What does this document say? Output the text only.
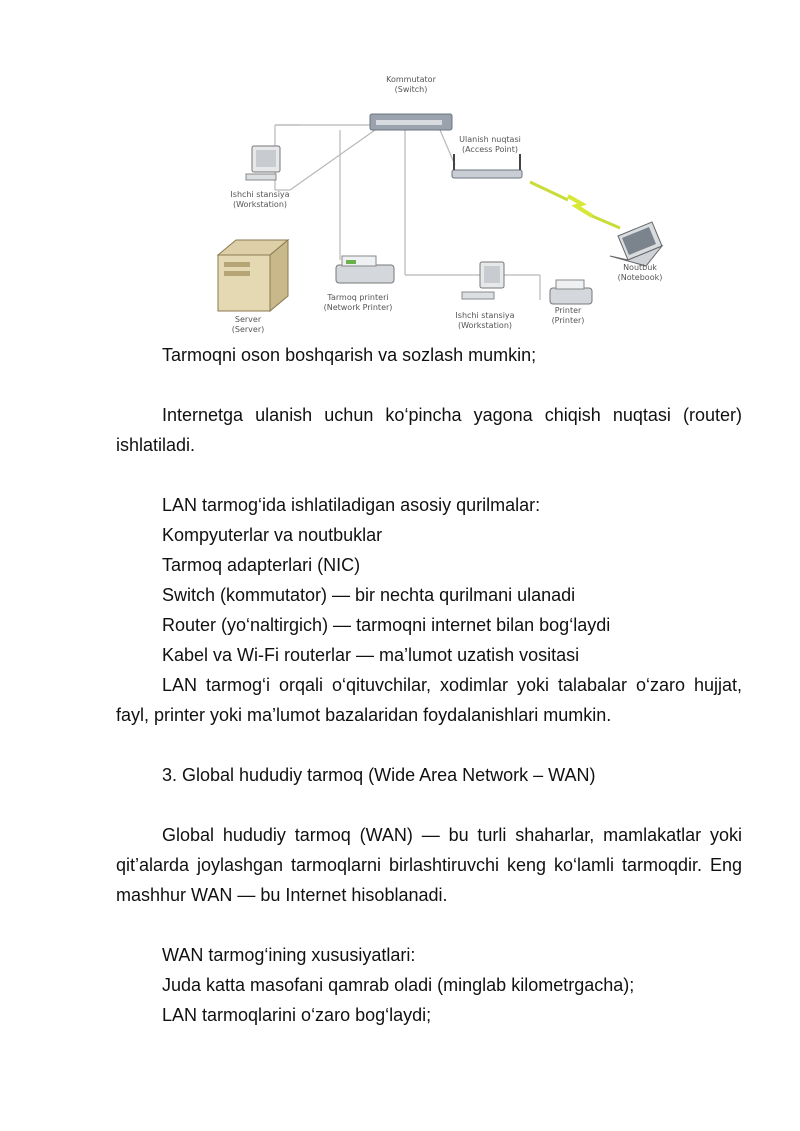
Kommutator
(Switch)
Ulanish nuqtasi
(Access Point)
Ishchi stansiya
(Workstation)
Noutbuk
(Notebook)
Server
(Server)
Tarmoq printeri
(Network Printer)
Ishchi stansiya
(Workstation)
Printer
(Printer)

Tarmoqni oson boshqarish va sozlash mumkin;

Internetga ulanish uchun ko‘pincha yagona chiqish nuqtasi (router) ishlatiladi.

LAN tarmog‘ida ishlatiladigan asosiy qurilmalar:

Kompyuterlar va noutbuklar

Tarmoq adapterlari (NIC)

Switch (kommutator) — bir nechta qurilmani ulanadi

Router (yo‘naltirgich) — tarmoqni internet bilan bog‘laydi

Kabel va Wi-Fi routerlar — ma’lumot uzatish vositasi

LAN tarmog‘i orqali o‘qituvchilar, xodimlar yoki talabalar o‘zaro hujjat, fayl, printer yoki ma’lumot bazalaridan foydalanishlari mumkin.

3. Global hududiy tarmoq (Wide Area Network – WAN)

Global hududiy tarmoq (WAN) — bu turli shaharlar, mamlakatlar yoki qit’alarda joylashgan tarmoqlarni birlashtiruvchi keng ko‘lamli tarmoqdir. Eng mashhur WAN — bu Internet hisoblanadi.

WAN tarmog‘ining xususiyatlari:

Juda katta masofani qamrab oladi (minglab kilometrgacha);

LAN tarmoqlarini o‘zaro bog‘laydi;
